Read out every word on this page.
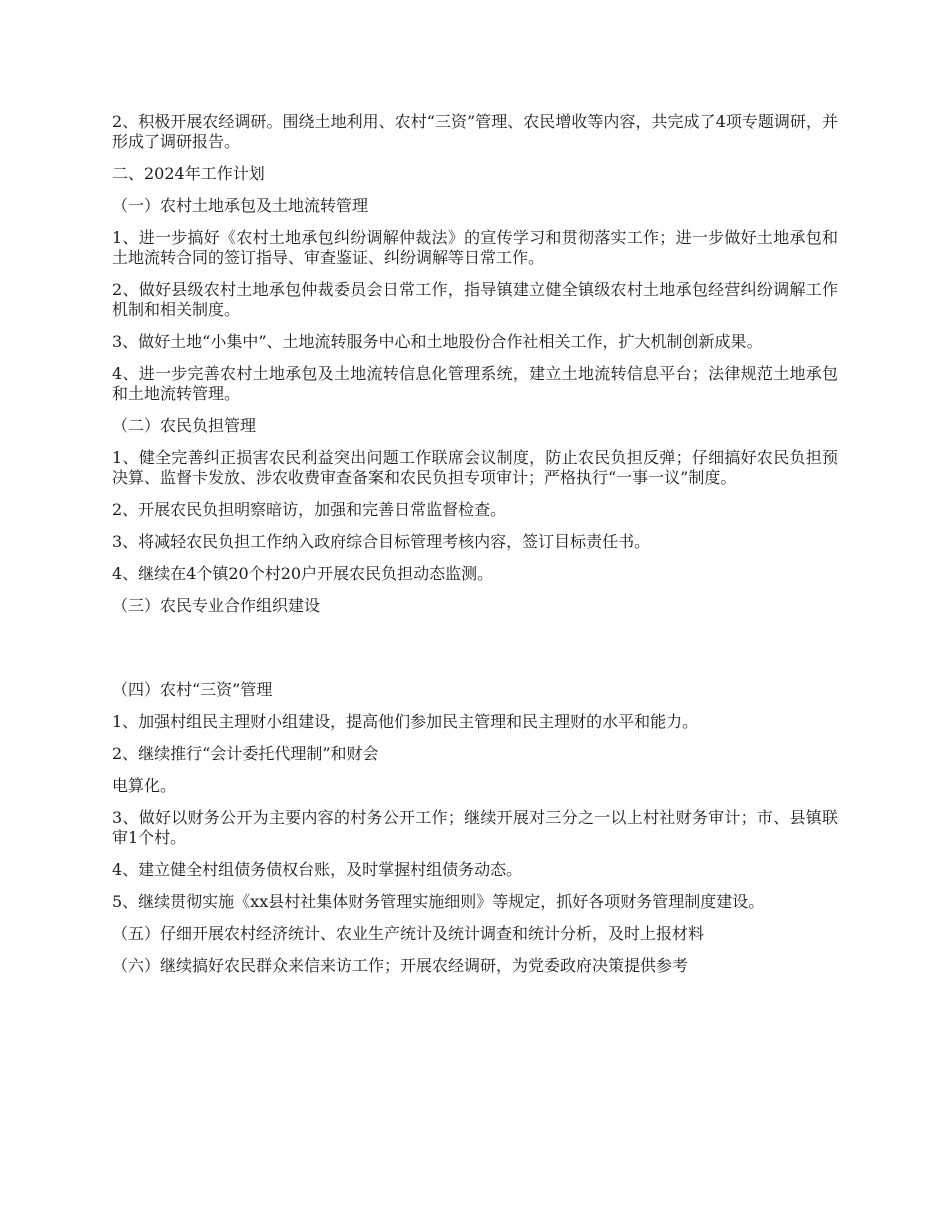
2、积极开展农经调研。围绕土地利用、农村“三资”管理、农民增收等内容，共完成了4项专题调研，并形成了调研报告。

二、2024年工作计划

（一）农村土地承包及土地流转管理

1、进一步搞好《农村土地承包纠纷调解仲裁法》的宣传学习和贯彻落实工作；进一步做好土地承包和土地流转合同的签订指导、审查鉴证、纠纷调解等日常工作。

2、做好县级农村土地承包仲裁委员会日常工作，指导镇建立健全镇级农村土地承包经营纠纷调解工作机制和相关制度。

3、做好土地“小集中”、土地流转服务中心和土地股份合作社相关工作，扩大机制创新成果。

4、进一步完善农村土地承包及土地流转信息化管理系统，建立土地流转信息平台；法律规范土地承包和土地流转管理。

（二）农民负担管理

1、健全完善纠正损害农民利益突出问题工作联席会议制度，防止农民负担反弹；仔细搞好农民负担预决算、监督卡发放、涉农收费审查备案和农民负担专项审计；严格执行“一事一议”制度。

2、开展农民负担明察暗访，加强和完善日常监督检查。

3、将减轻农民负担工作纳入政府综合目标管理考核内容，签订目标责任书。

4、继续在4个镇20个村20户开展农民负担动态监测。

（三）农民专业合作组织建设

（四）农村“三资”管理

1、加强村组民主理财小组建设，提高他们参加民主管理和民主理财的水平和能力。

2、继续推行“会计委托代理制”和财会

电算化。

3、做好以财务公开为主要内容的村务公开工作；继续开展对三分之一以上村社财务审计；市、县镇联审1个村。

4、建立健全村组债务债权台账，及时掌握村组债务动态。

5、继续贯彻实施《xx县村社集体财务管理实施细则》等规定，抓好各项财务管理制度建设。

（五）仔细开展农村经济统计、农业生产统计及统计调查和统计分析，及时上报材料

（六）继续搞好农民群众来信来访工作；开展农经调研，为党委政府决策提供参考
